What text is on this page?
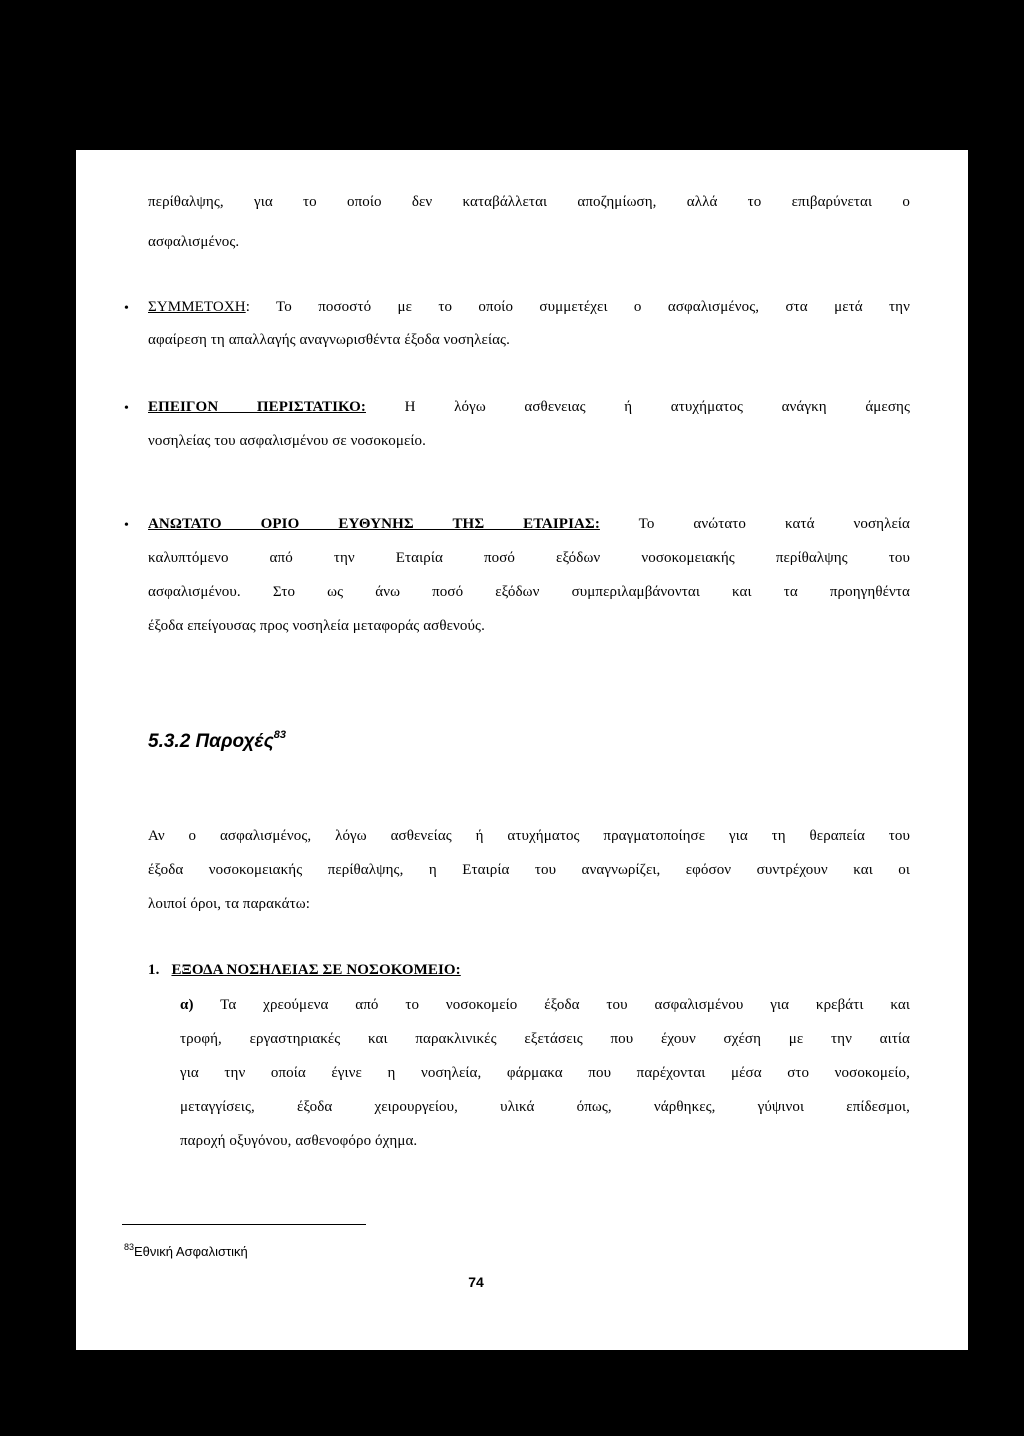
περίθαλψης, για το οποίο δεν καταβάλλεται αποζημίωση, αλλά το επιβαρύνεται ο
ασφαλισμένος.
• ΣΥΜΜΕΤΟΧΗ: Το ποσοστό με το οποίο συμμετέχει ο ασφαλισμένος, στα μετά την
αφαίρεση τη απαλλαγής αναγνωρισθέντα έξοδα νοσηλείας.
• ΕΠΕΙΓΟΝ ΠΕΡΙΣΤΑΤΙΚΟ: Η λόγω ασθενειας ή ατυχήματος ανάγκη άμεσης
νοσηλείας του ασφαλισμένου σε νοσοκομείο.
• ΑΝΩΤΑΤΟ ΟΡΙΟ ΕΥΘΥΝΗΣ ΤΗΣ ΕΤΑΙΡΙΑΣ: Το ανώτατο κατά νοσηλεία
καλυπτόμενο από την Εταιρία ποσό εξόδων νοσοκομειακής περίθαλψης του
ασφαλισμένου. Στο ως άνω ποσό εξόδων συμπεριλαμβάνονται και τα προηγηθέντα
έξοδα επείγουσας προς νοσηλεία μεταφοράς ασθενούς.
5.3.2 Παροχές$^{83}$
Αν ο ασφαλισμένος, λόγω ασθενείας ή ατυχήματος πραγματοποίησε για τη θεραπεία του
έξοδα νοσοκομειακής περίθαλψης, η Εταιρία του αναγνωρίζει, εφόσον συντρέχουν και οι
λοιποί όροι, τα παρακάτω:
1. ΕΞΟΔΑ ΝΟΣΗΛΕΙΑΣ ΣΕ ΝΟΣΟΚΟΜΕΙΟ:
α) Τα χρεούμενα από το νοσοκομείο έξοδα του ασφαλισμένου για κρεβάτι και
τροφή, εργαστηριακές και παρακλινικές εξετάσεις που έχουν σχέση με την αιτία
για την οποία έγινε η νοσηλεία, φάρμακα που παρέχονται μέσα στο νοσοκομείο,
μεταγγίσεις, έξοδα χειρουργείου, υλικά όπως, νάρθηκες, γύψινοι επίδεσμοι,
παροχή οξυγόνου, ασθενοφόρο όχημα.
$^{83}$Εθνική Ασφαλιστική
74
